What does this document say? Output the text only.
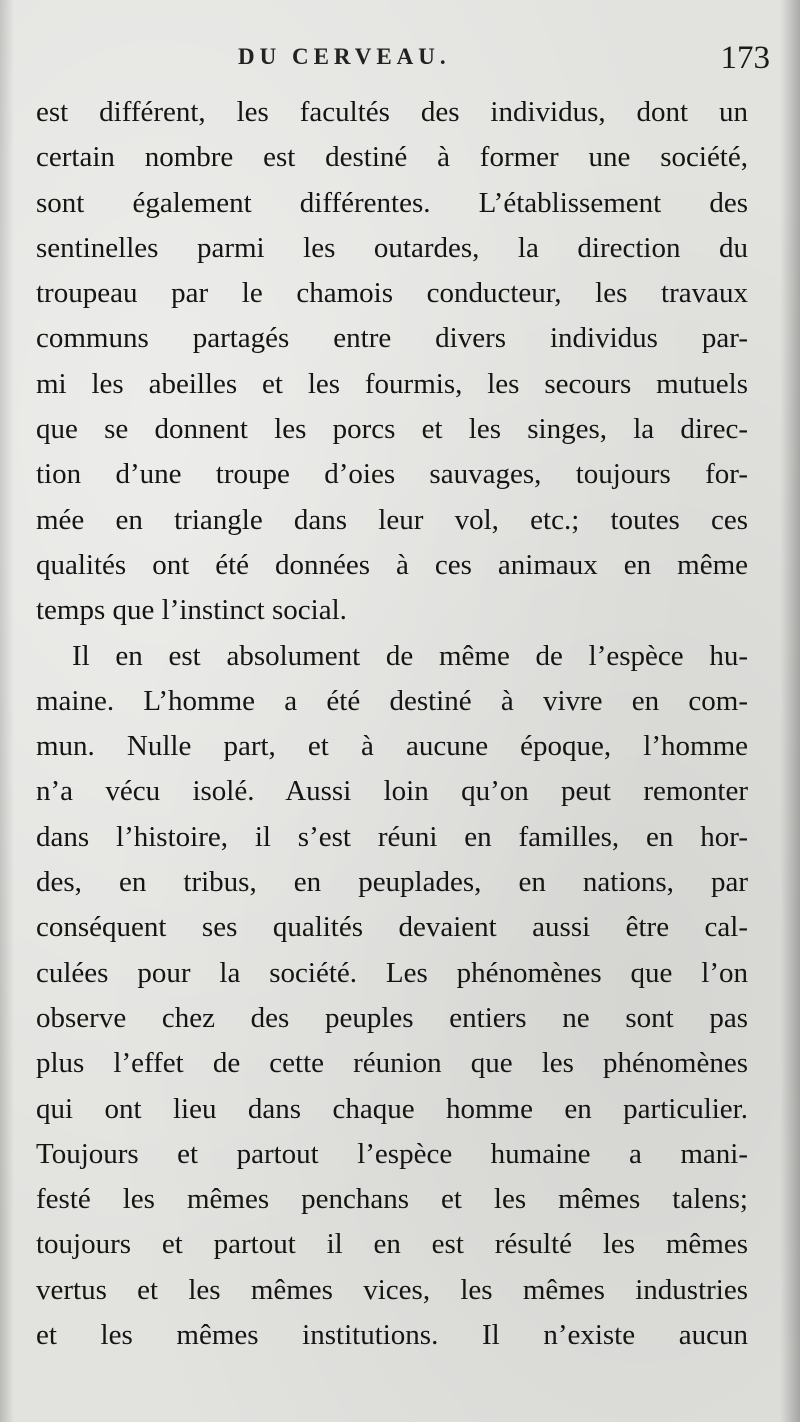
DU CERVEAU.	173
est différent, les facultés des individus, dont un
certain nombre est destiné à former une société,
sont également différentes. L’établissement des
sentinelles parmi les outardes, la direction du
troupeau par le chamois conducteur, les travaux
communs partagés entre divers individus par-
mi les abeilles et les fourmis, les secours mutuels
que se donnent les porcs et les singes, la direc-
tion d’une troupe d’oies sauvages, toujours for-
mée en triangle dans leur vol, etc.; toutes ces
qualités ont été données à ces animaux en même
temps que l’instinct social.
Il en est absolument de même de l’espèce hu-
maine. L’homme a été destiné à vivre en com-
mun. Nulle part, et à aucune époque, l’homme
n’a vécu isolé. Aussi loin qu’on peut remonter
dans l’histoire, il s’est réuni en familles, en hor-
des, en tribus, en peuplades, en nations, par
conséquent ses qualités devaient aussi être cal-
culées pour la société. Les phénomènes que l’on
observe chez des peuples entiers ne sont pas
plus l’effet de cette réunion que les phénomènes
qui ont lieu dans chaque homme en particulier.
Toujours et partout l’espèce humaine a mani-
festé les mêmes penchans et les mêmes talens;
toujours et partout il en est résulté les mêmes
vertus et les mêmes vices, les mêmes industries
et les mêmes institutions. Il n’existe aucun
